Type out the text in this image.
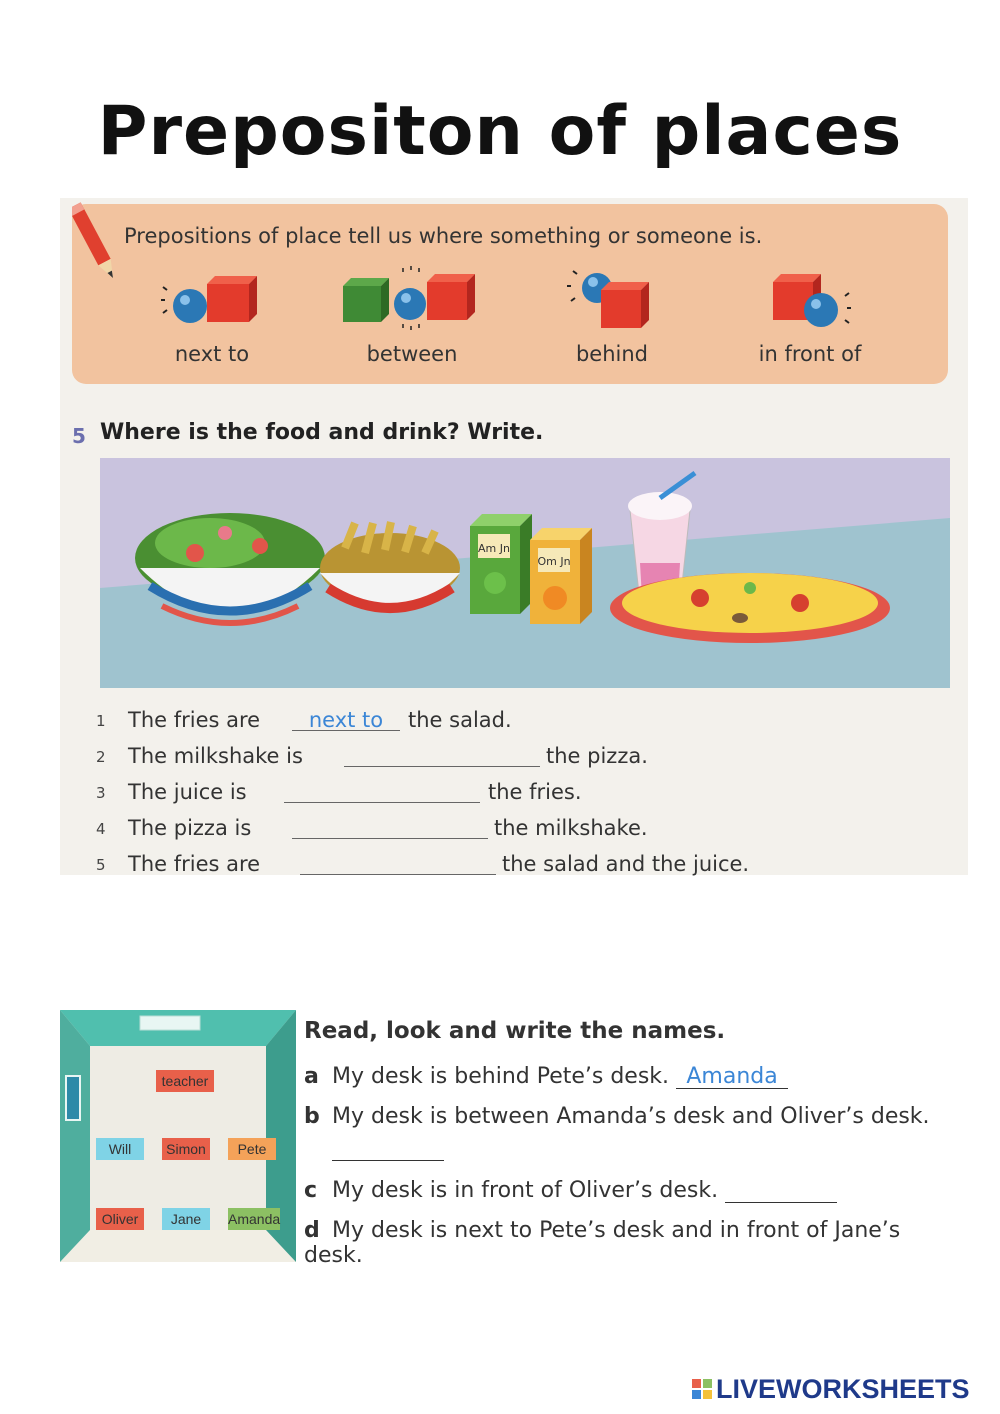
Prepositon of places
Prepositions of place tell us where something or someone is.
next to	between	behind	in front of
5 Where is the food and drink? Write.
Am Jn
Om Jn
1 The fries are	next to	the salad.
2 The milkshake is	the pizza.
3 The juice is	the fries.
4 The pizza is	the milkshake.
5 The fries are	the salad and the juice.
teacher
Will	Simon	Pete
Oliver	Jane	Amanda
Read, look and write the names.
a My desk is behind Pete’s desk. Amanda
b My desk is between Amanda’s desk and Oliver’s desk.
c My desk is in front of Oliver’s desk.
d My desk is next to Pete’s desk and in front of Jane’s desk.
LIVEWORKSHEETS
